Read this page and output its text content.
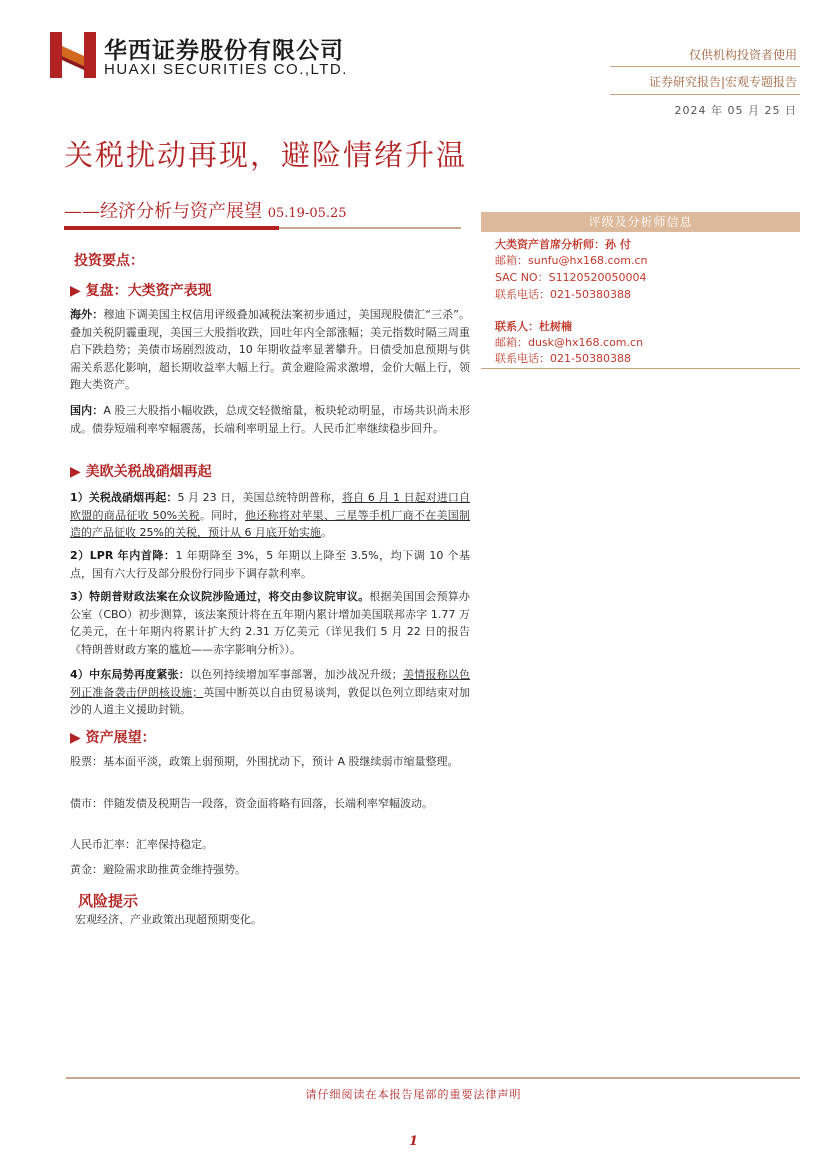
华西证券股份有限公司
HUAXI SECURITIES CO.,LTD.
仅供机构投资者使用
证券研究报告|宏观专题报告
2024 年 05 月 25 日
关税扰动再现，避险情绪升温
——经济分析与资产展望 05.19-05.25
评级及分析师信息
大类资产首席分析师：孙 付
邮箱：sunfu@hx168.com.cn
SAC NO：S1120520050004
联系电话：021-50380388
联系人：杜树楠
邮箱：dusk@hx168.com.cn
联系电话：021-50380388
投资要点：
▶ 复盘：大类资产表现
海外：穆迪下调美国主权信用评级叠加减税法案初步通过，美国现股债汇“三杀”。叠加关税阴霾重现，美国三大股指收跌，回吐年内全部涨幅；美元指数时隔三周重启下跌趋势；美债市场剧烈波动，10 年期收益率显著攀升。日债受加息预期与供需关系恶化影响，超长期收益率大幅上行。黄金避险需求激增，金价大幅上行，领跑大类资产。
国内：A 股三大股指小幅收跌，总成交轻微缩量，板块轮动明显，市场共识尚未形成。债券短端利率窄幅震荡，长端利率明显上行。人民币汇率继续稳步回升。
▶ 美欧关税战硝烟再起
1）关税战硝烟再起：5 月 23 日，美国总统特朗普称，将自 6 月 1 日起对进口自欧盟的商品征收 50%关税。同时，他还称将对苹果、三星等手机厂商不在美国制造的产品征收 25%的关税，预计从 6 月底开始实施。
2）LPR 年内首降：1 年期降至 3%，5 年期以上降至 3.5%，均下调 10 个基点，国有六大行及部分股份行同步下调存款利率。
3）特朗普财政法案在众议院涉险通过，将交由参议院审议。根据美国国会预算办公室（CBO）初步测算，该法案预计将在五年期内累计增加美国联邦赤字 1.77 万亿美元，在十年期内将累计扩大约 2.31 万亿美元（详见我们 5 月 22 日的报告《特朗普财政方案的尴尬——赤字影响分析》）。
4）中东局势再度紧张：以色列持续增加军事部署，加沙战况升级；美情报称以色列正准备袭击伊朗核设施；英国中断英以自由贸易谈判，敦促以色列立即结束对加沙的人道主义援助封锁。
▶ 资产展望：
股票：基本面平淡，政策上弱预期，外围扰动下，预计 A 股继续弱市缩量整理。
债市：伴随发债及税期告一段落，资金面将略有回落，长端利率窄幅波动。
人民币汇率：汇率保持稳定。
黄金：避险需求助推黄金维持强势。
风险提示
宏观经济、产业政策出现超预期变化。
请仔细阅读在本报告尾部的重要法律声明
1
